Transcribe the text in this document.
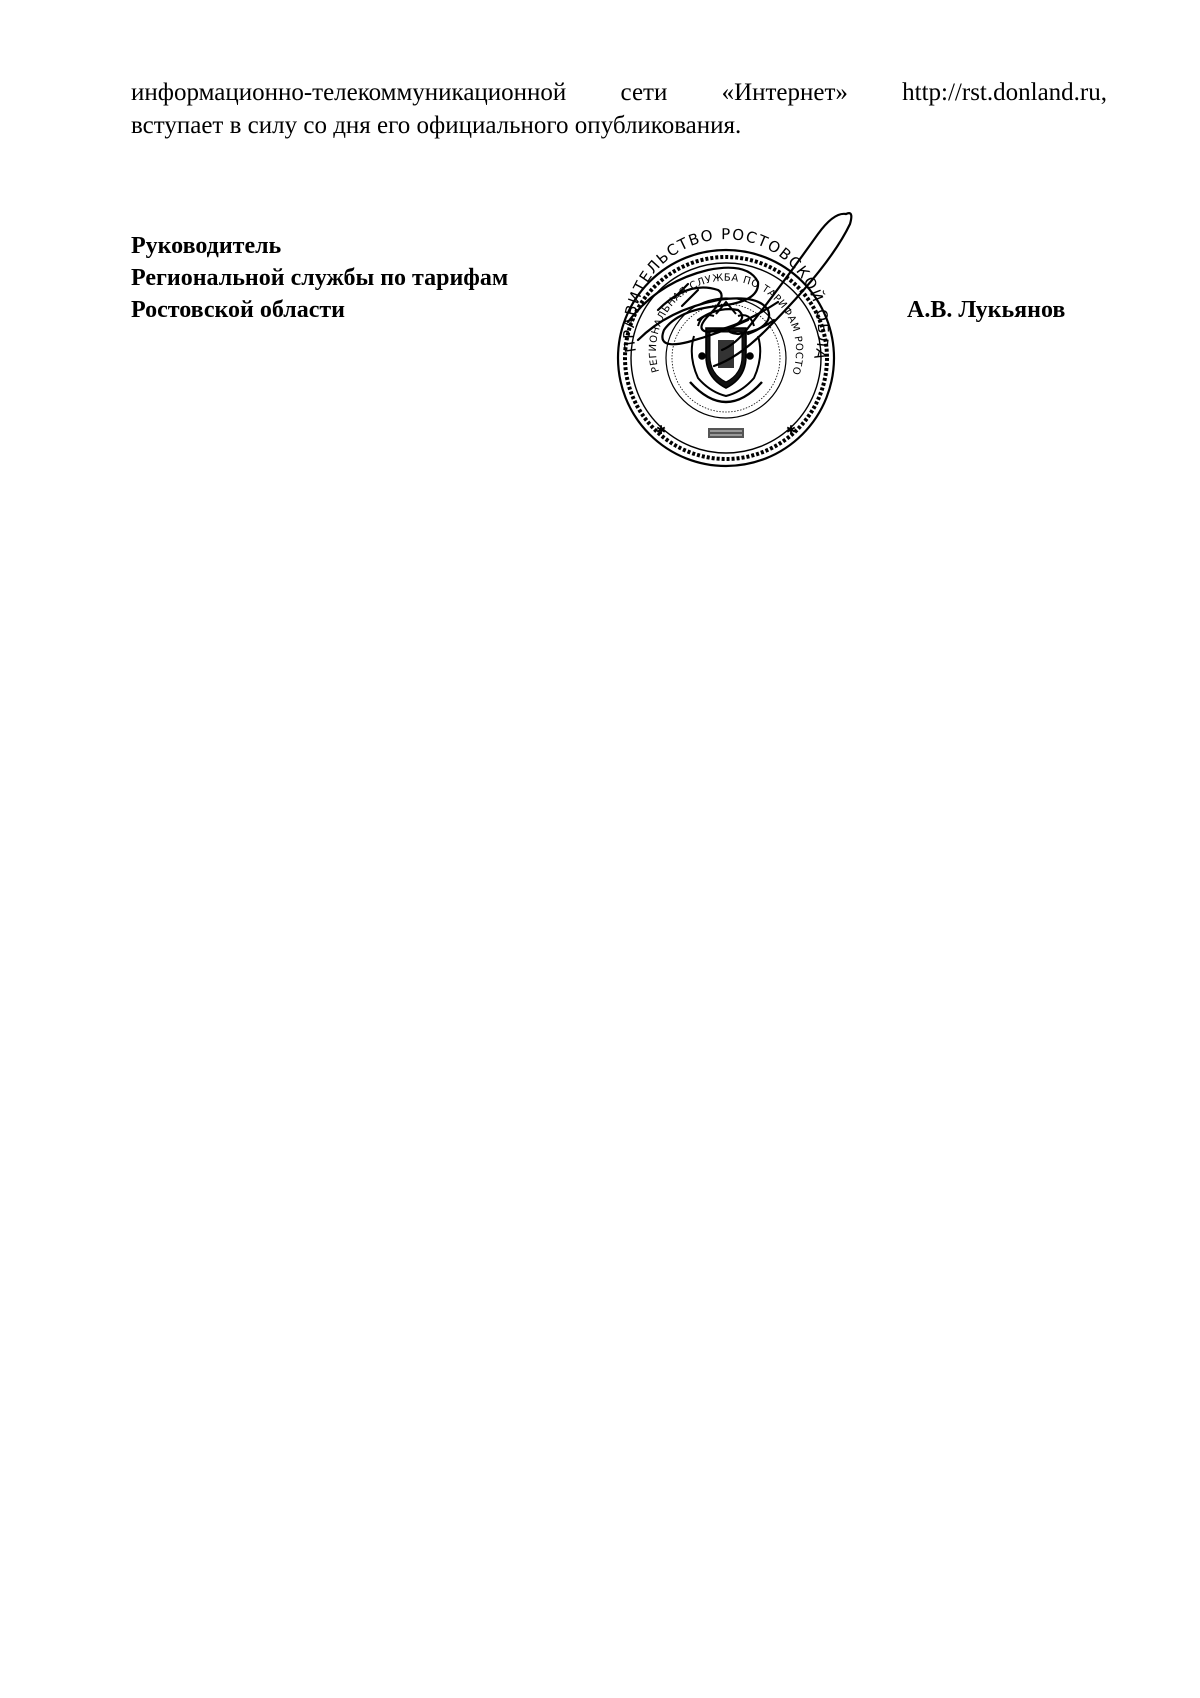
информационно-телекоммуникационной сети «Интернет» http://rst.donland.ru,
вступает в силу со дня его официального опубликования.

Руководитель
Региональной службы по тарифам
Ростовской области	А.В. Лукьянов
ПРАВИТЕЛЬСТВО РОСТОВСКОЙ ОБЛА
РЕГИОНАЛЬНАЯ СЛУЖБА ПО ТАРИФАМ РОСТО
✱	✱
